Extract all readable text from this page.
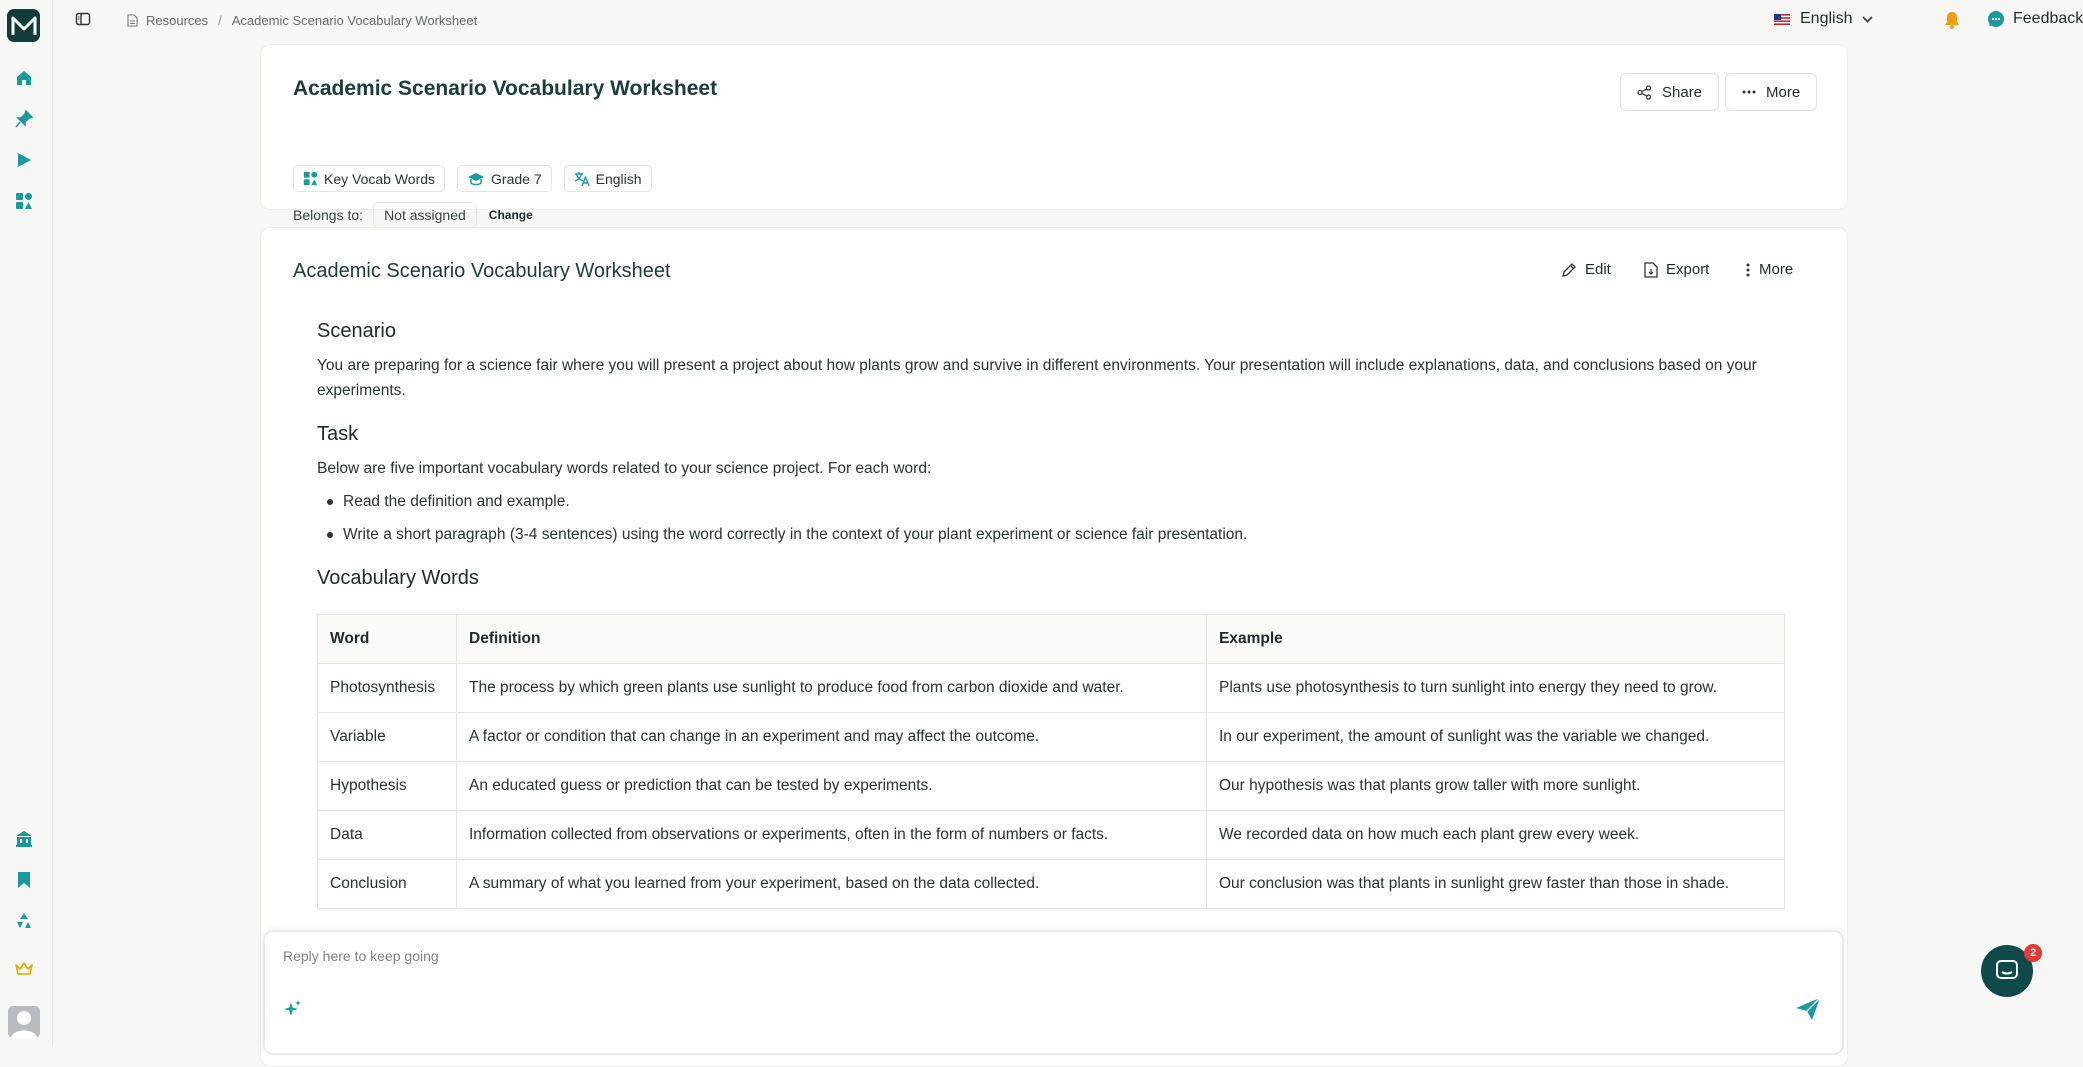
Resources / Academic Scenario Vocabulary Worksheet	English	Feedback
Academic Scenario Vocabulary Worksheet	Share	More
Key Vocab Words	Grade 7	English
Belongs to:	Not assigned	Change
Academic Scenario Vocabulary Worksheet	Edit	Export	More
Scenario

You are preparing for a science fair where you will present a project about how plants grow and survive in different environments. Your presentation will include explanations, data, and conclusions based on your experiments.

Task

Below are five important vocabulary words related to your science project. For each word:

Read the definition and example.
Write a short paragraph (3-4 sentences) using the word correctly in the context of your plant experiment or science fair presentation.
Vocabulary Words
Word	Definition	Example
Photosynthesis	The process by which green plants use sunlight to produce food from carbon dioxide and water.	Plants use photosynthesis to turn sunlight into energy they need to grow.
Variable	A factor or condition that can change in an experiment and may affect the outcome.	In our experiment, the amount of sunlight was the variable we changed.
Hypothesis	An educated guess or prediction that can be tested by experiments.	Our hypothesis was that plants grow taller with more sunlight.
Data	Information collected from observations or experiments, often in the form of numbers or facts.	We recorded data on how much each plant grew every week.
Conclusion	A summary of what you learned from your experiment, based on the data collected.	Our conclusion was that plants in sunlight grew faster than those in shade.
Reply here to keep going
2
